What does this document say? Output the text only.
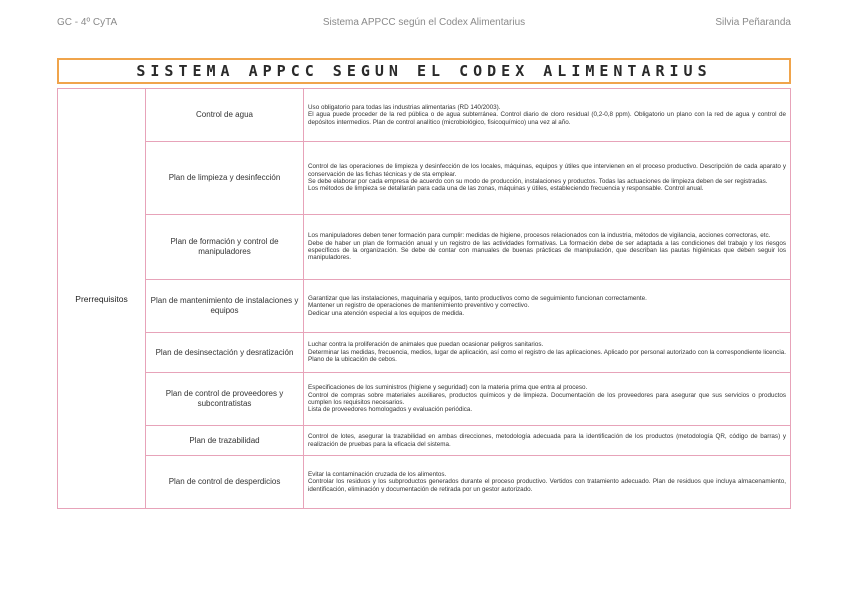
GC - 4º CyTA	Sistema APPCC según el Codex Alimentarius	Silvia Peñaranda
SISTEMA APPCC SEGUN EL CODEX ALIMENTARIUS
Prerrequisitos	Control de agua	Uso obligatorio para todas las industrias alimentarias (RD 140/2003).

El agua puede proceder de la red pública o de agua subterránea. Control diario de cloro residual (0,2-0,8 ppm). Obligatorio un plano con la red de agua y control de depósitos intermedios. Plan de control analítico (microbiológico, fisicoquímico) una vez al año.

	Plan de limpieza y desinfección	Control de las operaciones de limpieza y desinfección de los locales, máquinas, equipos y útiles que intervienen en el proceso productivo. Descripción de cada aparato y conservación de las fichas técnicas y de sta emplear.

Se debe elaborar por cada empresa de acuerdo con su modo de producción, instalaciones y productos. Todas las actuaciones de limpieza deben de ser registradas.

Los métodos de limpieza se detallarán para cada una de las zonas, máquinas y útiles, estableciendo frecuencia y responsable. Control anual.

	Plan de formación y control de manipuladores	Los manipuladores deben tener formación para cumplir: medidas de higiene, procesos relacionados con la industria, métodos de vigilancia, acciones correctoras, etc.

Debe de haber un plan de formación anual y un registro de las actividades formativas. La formación debe de ser adaptada a las condiciones del trabajo y los riesgos específicos de la organización. Se debe de contar con manuales de buenas prácticas de manipulación, que describan las pautas higiénicas que deben seguir los manipuladores.

	Plan de mantenimiento de instalaciones y equipos	Garantizar que las instalaciones, maquinaria y equipos, tanto productivos como de seguimiento funcionan correctamente.

Mantener un registro de operaciones de mantenimiento preventivo y correctivo.

Dedicar una atención especial a los equipos de medida.

	Plan de desinsectación y desratización	Luchar contra la proliferación de animales que puedan ocasionar peligros sanitarios.

Determinar las medidas, frecuencia, medios, lugar de aplicación, así como el registro de las aplicaciones. Aplicado por personal autorizado con la correspondiente licencia. Plano de la ubicación de cebos.

	Plan de control de proveedores y subcontratistas	Especificaciones de los suministros (higiene y seguridad) con la materia prima que entra al proceso.

Control de compras sobre materiales auxiliares, productos químicos y de limpieza. Documentación de los proveedores para asegurar que sus servicios o productos cumplen los requisitos necesarios.

Lista de proveedores homologados y evaluación periódica.

	Plan de trazabilidad	Control de lotes, asegurar la trazabilidad en ambas direcciones, metodología adecuada para la identificación de los productos (metodología QR, código de barras) y realización de pruebas para la eficacia del sistema.

	Plan de control de desperdicios	Evitar la contaminación cruzada de los alimentos.

Controlar los residuos y los subproductos generados durante el proceso productivo. Vertidos con tratamiento adecuado. Plan de residuos que incluya almacenamiento, identificación, eliminación y documentación de retirada por un gestor autorizado.
